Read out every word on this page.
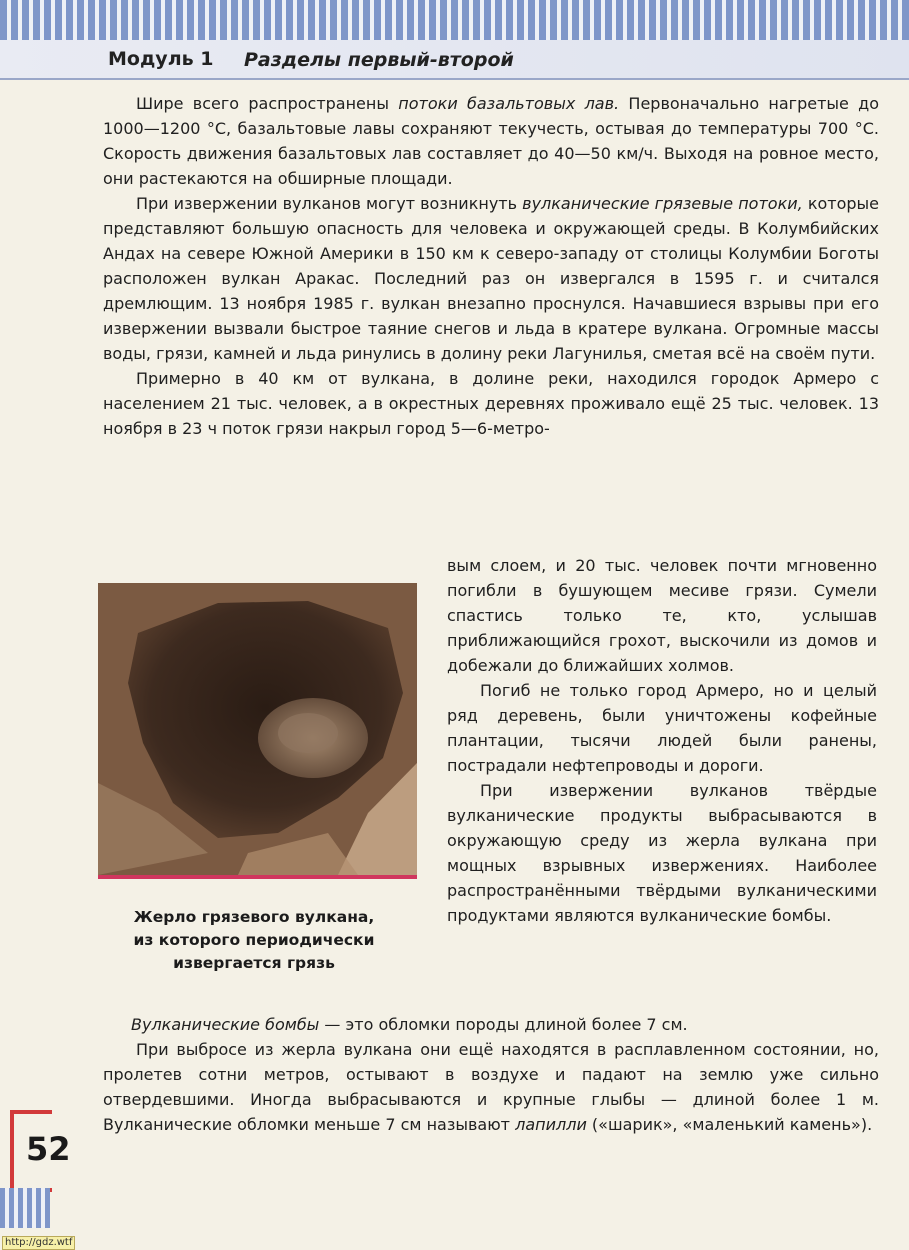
Модуль 1 Разделы первый-второй

Шире всего распространены потоки базальтовых лав. Первоначально нагретые до 1000—1200 °С, базальтовые лавы сохраняют текучесть, остывая до температуры 700 °С. Скорость движения базальтовых лав составляет до 40—50 км/ч. Выходя на ровное место, они растекаются на обширные площади.

При извержении вулканов могут возникнуть вулканические грязевые потоки, которые представляют большую опасность для человека и окружающей среды. В Колумбийских Андах на севере Южной Америки в 150 км к северо-западу от столицы Колумбии Боготы расположен вулкан Аракас. Последний раз он извергался в 1595 г. и считался дремлющим. 13 ноября 1985 г. вулкан внезапно проснулся. Начавшиеся взрывы при его извержении вызвали быстрое таяние снегов и льда в кратере вулкана. Огромные массы воды, грязи, камней и льда ринулись в долину реки Лагунилья, сметая всё на своём пути.

Примерно в 40 км от вулкана, в долине реки, находился городок Армеро с населением 21 тыс. человек, а в окрестных деревнях проживало ещё 25 тыс. человек. 13 ноября в 23 ч поток грязи накрыл город 5—6-метро-

Жерло грязевого вулкана,
из которого периодически
извергается грязь

вым слоем, и 20 тыс. человек почти мгновенно погибли в бушующем месиве грязи. Сумели спастись только те, кто, услышав приближающийся грохот, выскочили из домов и добежали до ближайших холмов.

Погиб не только город Армеро, но и целый ряд деревень, были уничтожены кофейные плантации, тысячи людей были ранены, пострадали нефтепроводы и дороги.

При извержении вулканов твёрдые вулканические продукты выбрасываются в окружающую среду из жерла вулкана при мощных взрывных извержениях. Наиболее распространёнными твёрдыми вулканическими продуктами являются вулканические бомбы.

Вулканические бомбы — это обломки породы длиной более 7 см.

При выбросе из жерла вулкана они ещё находятся в расплавленном состоянии, но, пролетев сотни метров, остывают в воздухе и падают на землю уже сильно отвердевшими. Иногда выбрасываются и крупные глыбы — длиной более 1 м. Вулканические обломки меньше 7 см называют лапилли («шарик», «маленький камень»).

52
http://gdz.wtf
